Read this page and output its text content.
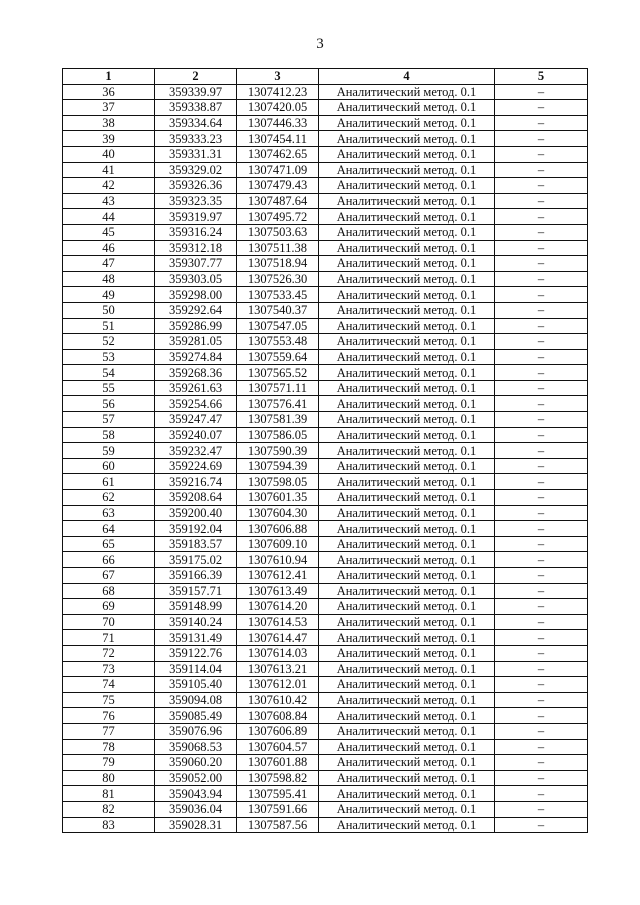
3
1	2	3	4	5
36	359339.97	1307412.23	Аналитический метод. 0.1	–
37	359338.87	1307420.05	Аналитический метод. 0.1	–
38	359334.64	1307446.33	Аналитический метод. 0.1	–
39	359333.23	1307454.11	Аналитический метод. 0.1	–
40	359331.31	1307462.65	Аналитический метод. 0.1	–
41	359329.02	1307471.09	Аналитический метод. 0.1	–
42	359326.36	1307479.43	Аналитический метод. 0.1	–
43	359323.35	1307487.64	Аналитический метод. 0.1	–
44	359319.97	1307495.72	Аналитический метод. 0.1	–
45	359316.24	1307503.63	Аналитический метод. 0.1	–
46	359312.18	1307511.38	Аналитический метод. 0.1	–
47	359307.77	1307518.94	Аналитический метод. 0.1	–
48	359303.05	1307526.30	Аналитический метод. 0.1	–
49	359298.00	1307533.45	Аналитический метод. 0.1	–
50	359292.64	1307540.37	Аналитический метод. 0.1	–
51	359286.99	1307547.05	Аналитический метод. 0.1	–
52	359281.05	1307553.48	Аналитический метод. 0.1	–
53	359274.84	1307559.64	Аналитический метод. 0.1	–
54	359268.36	1307565.52	Аналитический метод. 0.1	–
55	359261.63	1307571.11	Аналитический метод. 0.1	–
56	359254.66	1307576.41	Аналитический метод. 0.1	–
57	359247.47	1307581.39	Аналитический метод. 0.1	–
58	359240.07	1307586.05	Аналитический метод. 0.1	–
59	359232.47	1307590.39	Аналитический метод. 0.1	–
60	359224.69	1307594.39	Аналитический метод. 0.1	–
61	359216.74	1307598.05	Аналитический метод. 0.1	–
62	359208.64	1307601.35	Аналитический метод. 0.1	–
63	359200.40	1307604.30	Аналитический метод. 0.1	–
64	359192.04	1307606.88	Аналитический метод. 0.1	–
65	359183.57	1307609.10	Аналитический метод. 0.1	–
66	359175.02	1307610.94	Аналитический метод. 0.1	–
67	359166.39	1307612.41	Аналитический метод. 0.1	–
68	359157.71	1307613.49	Аналитический метод. 0.1	–
69	359148.99	1307614.20	Аналитический метод. 0.1	–
70	359140.24	1307614.53	Аналитический метод. 0.1	–
71	359131.49	1307614.47	Аналитический метод. 0.1	–
72	359122.76	1307614.03	Аналитический метод. 0.1	–
73	359114.04	1307613.21	Аналитический метод. 0.1	–
74	359105.40	1307612.01	Аналитический метод. 0.1	–
75	359094.08	1307610.42	Аналитический метод. 0.1	–
76	359085.49	1307608.84	Аналитический метод. 0.1	–
77	359076.96	1307606.89	Аналитический метод. 0.1	–
78	359068.53	1307604.57	Аналитический метод. 0.1	–
79	359060.20	1307601.88	Аналитический метод. 0.1	–
80	359052.00	1307598.82	Аналитический метод. 0.1	–
81	359043.94	1307595.41	Аналитический метод. 0.1	–
82	359036.04	1307591.66	Аналитический метод. 0.1	–
83	359028.31	1307587.56	Аналитический метод. 0.1	–
